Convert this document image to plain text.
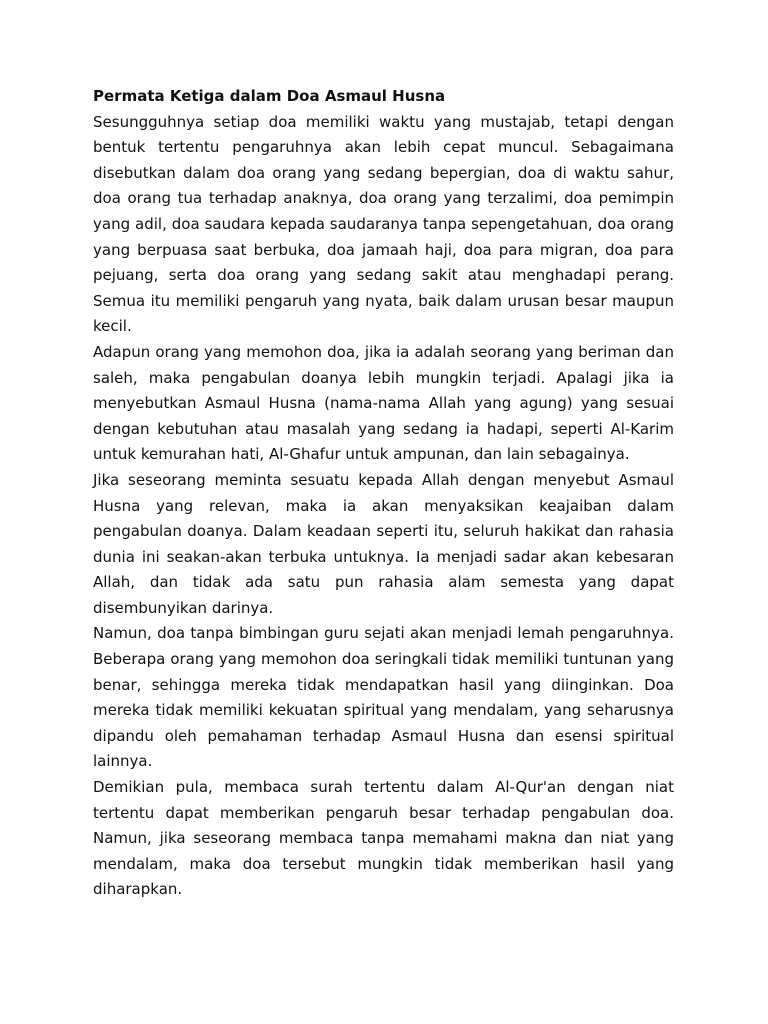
Permata Ketiga dalam Doa Asmaul Husna

Sesungguhnya setiap doa memiliki waktu yang mustajab, tetapi dengan bentuk tertentu pengaruhnya akan lebih cepat muncul. Sebagaimana disebutkan dalam doa orang yang sedang bepergian, doa di waktu sahur, doa orang tua terhadap anaknya, doa orang yang terzalimi, doa pemimpin yang adil, doa saudara kepada saudaranya tanpa sepengetahuan, doa orang yang berpuasa saat berbuka, doa jamaah haji, doa para migran, doa para pejuang, serta doa orang yang sedang sakit atau menghadapi perang. Semua itu memiliki pengaruh yang nyata, baik dalam urusan besar maupun kecil.

Adapun orang yang memohon doa, jika ia adalah seorang yang beriman dan saleh, maka pengabulan doanya lebih mungkin terjadi. Apalagi jika ia menyebutkan Asmaul Husna (nama-nama Allah yang agung) yang sesuai dengan kebutuhan atau masalah yang sedang ia hadapi, seperti Al-Karim untuk kemurahan hati, Al-Ghafur untuk ampunan, dan lain sebagainya.

Jika seseorang meminta sesuatu kepada Allah dengan menyebut Asmaul Husna yang relevan, maka ia akan menyaksikan keajaiban dalam pengabulan doanya. Dalam keadaan seperti itu, seluruh hakikat dan rahasia dunia ini seakan-akan terbuka untuknya. Ia menjadi sadar akan kebesaran Allah, dan tidak ada satu pun rahasia alam semesta yang dapat disembunyikan darinya.

Namun, doa tanpa bimbingan guru sejati akan menjadi lemah pengaruhnya. Beberapa orang yang memohon doa seringkali tidak memiliki tuntunan yang benar, sehingga mereka tidak mendapatkan hasil yang diinginkan. Doa mereka tidak memiliki kekuatan spiritual yang mendalam, yang seharusnya dipandu oleh pemahaman terhadap Asmaul Husna dan esensi spiritual lainnya.

Demikian pula, membaca surah tertentu dalam Al-Qur'an dengan niat tertentu dapat memberikan pengaruh besar terhadap pengabulan doa. Namun, jika seseorang membaca tanpa memahami makna dan niat yang mendalam, maka doa tersebut mungkin tidak memberikan hasil yang diharapkan.
